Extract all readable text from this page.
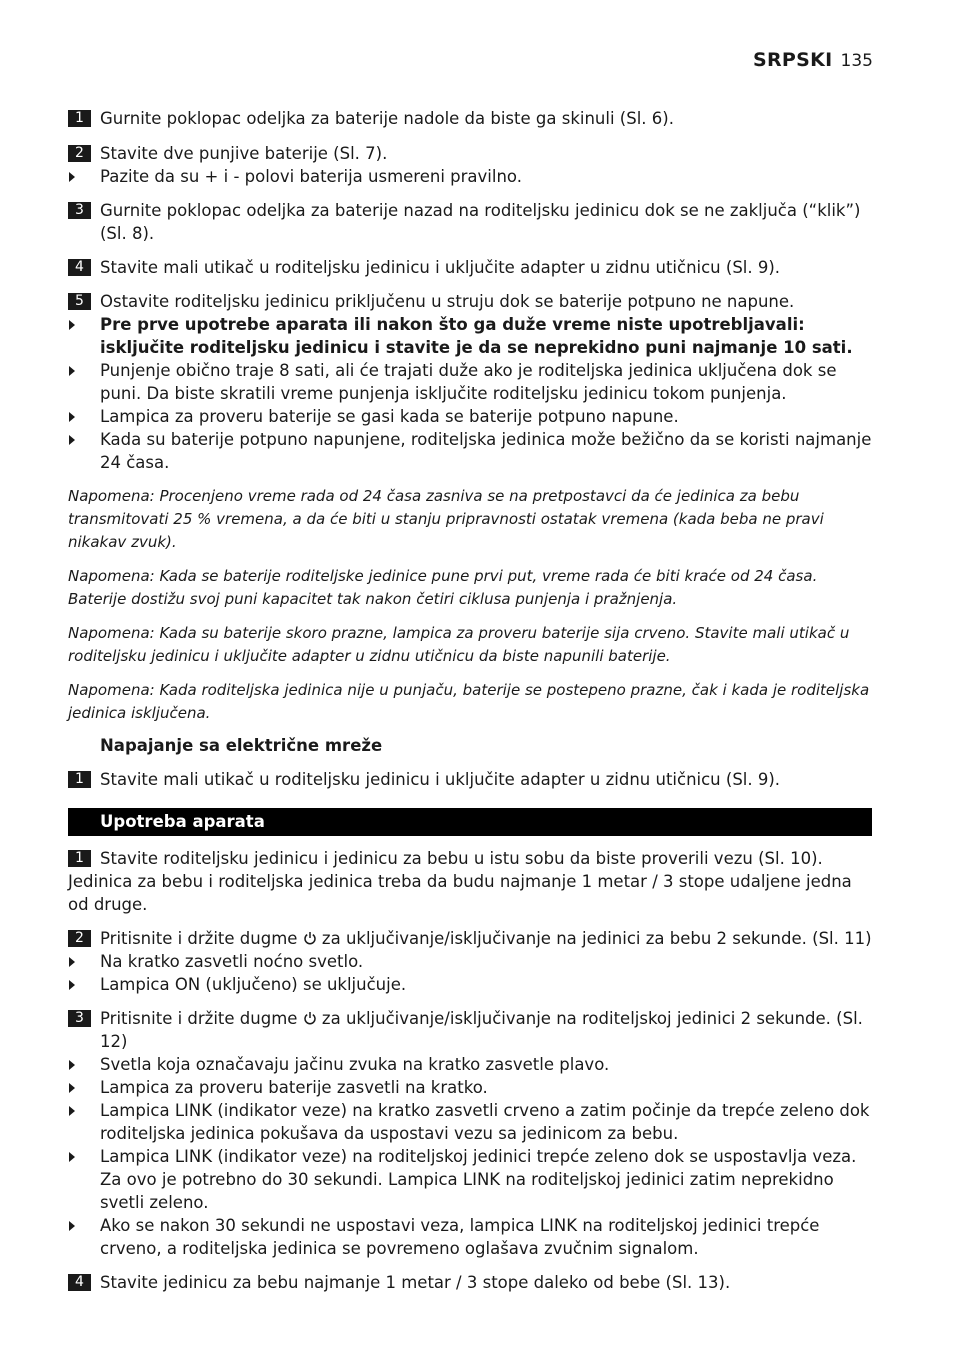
SRPSKI 135
1 Gurnite poklopac odeljka za baterije nadole da biste ga skinuli (Sl. 6).
2 Stavite dve punjive baterije (Sl. 7).
Pazite da su + i - polovi baterija usmereni pravilno.
3 Gurnite poklopac odeljka za baterije nazad na roditeljsku jedinicu dok se ne zaključa (“klik”) (Sl. 8).
4 Stavite mali utikač u roditeljsku jedinicu i uključite adapter u zidnu utičnicu (Sl. 9).
5 Ostavite roditeljsku jedinicu priključenu u struju dok se baterije potpuno ne napune.
Pre prve upotrebe aparata ili nakon što ga duže vreme niste upotrebljavali: isključite roditeljsku jedinicu i stavite je da se neprekidno puni najmanje 10 sati.
Punjenje obično traje 8 sati, ali će trajati duže ako je roditeljska jedinica uključena dok se puni. Da biste skratili vreme punjenja isključite roditeljsku jedinicu tokom punjenja.
Lampica za proveru baterije se gasi kada se baterije potpuno napune.
Kada su baterije potpuno napunjene, roditeljska jedinica može bežično da se koristi najmanje 24 časa.
Napomena: Procenjeno vreme rada od 24 časa zasniva se na pretpostavci da će jedinica za bebu transmitovati 25 % vremena, a da će biti u stanju pripravnosti ostatak vremena (kada beba ne pravi nikakav zvuk).
Napomena: Kada se baterije roditeljske jedinice pune prvi put, vreme rada će biti kraće od 24 časa. Baterije dostižu svoj puni kapacitet tak nakon četiri ciklusa punjenja i pražnjenja.
Napomena: Kada su baterije skoro prazne, lampica za proveru baterije sija crveno. Stavite mali utikač u roditeljsku jedinicu i uključite adapter u zidnu utičnicu da biste napunili baterije.
Napomena: Kada roditeljska jedinica nije u punjaču, baterije se postepeno prazne, čak i kada je roditeljska jedinica isključena.
Napajanje sa električne mreže
1 Stavite mali utikač u roditeljsku jedinicu i uključite adapter u zidnu utičnicu (Sl. 9).
Upotreba aparata
1 Stavite roditeljsku jedinicu i jedinicu za bebu u istu sobu da biste proverili vezu (Sl. 10).
Jedinica za bebu i roditeljska jedinica treba da budu najmanje 1 metar / 3 stope udaljene jedna od druge.
2 Pritisnite i držite dugme za uključivanje/isključivanje na jedinici za bebu 2 sekunde. (Sl. 11)
Na kratko zasvetli noćno svetlo.
Lampica ON (uključeno) se uključuje.
3 Pritisnite i držite dugme za uključivanje/isključivanje na roditeljskoj jedinici 2 sekunde. (Sl. 12)
Svetla koja označavaju jačinu zvuka na kratko zasvetle plavo.
Lampica za proveru baterije zasvetli na kratko.
Lampica LINK (indikator veze) na kratko zasvetli crveno a zatim počinje da trepće zeleno dok roditeljska jedinica pokušava da uspostavi vezu sa jedinicom za bebu.
Lampica LINK (indikator veze) na roditeljskoj jedinici trepće zeleno dok se uspostavlja veza. Za ovo je potrebno do 30 sekundi. Lampica LINK na roditeljskoj jedinici zatim neprekidno svetli zeleno.
Ako se nakon 30 sekundi ne uspostavi veza, lampica LINK na roditeljskoj jedinici trepće crveno, a roditeljska jedinica se povremeno oglašava zvučnim signalom.
4 Stavite jedinicu za bebu najmanje 1 metar / 3 stope daleko od bebe (Sl. 13).
